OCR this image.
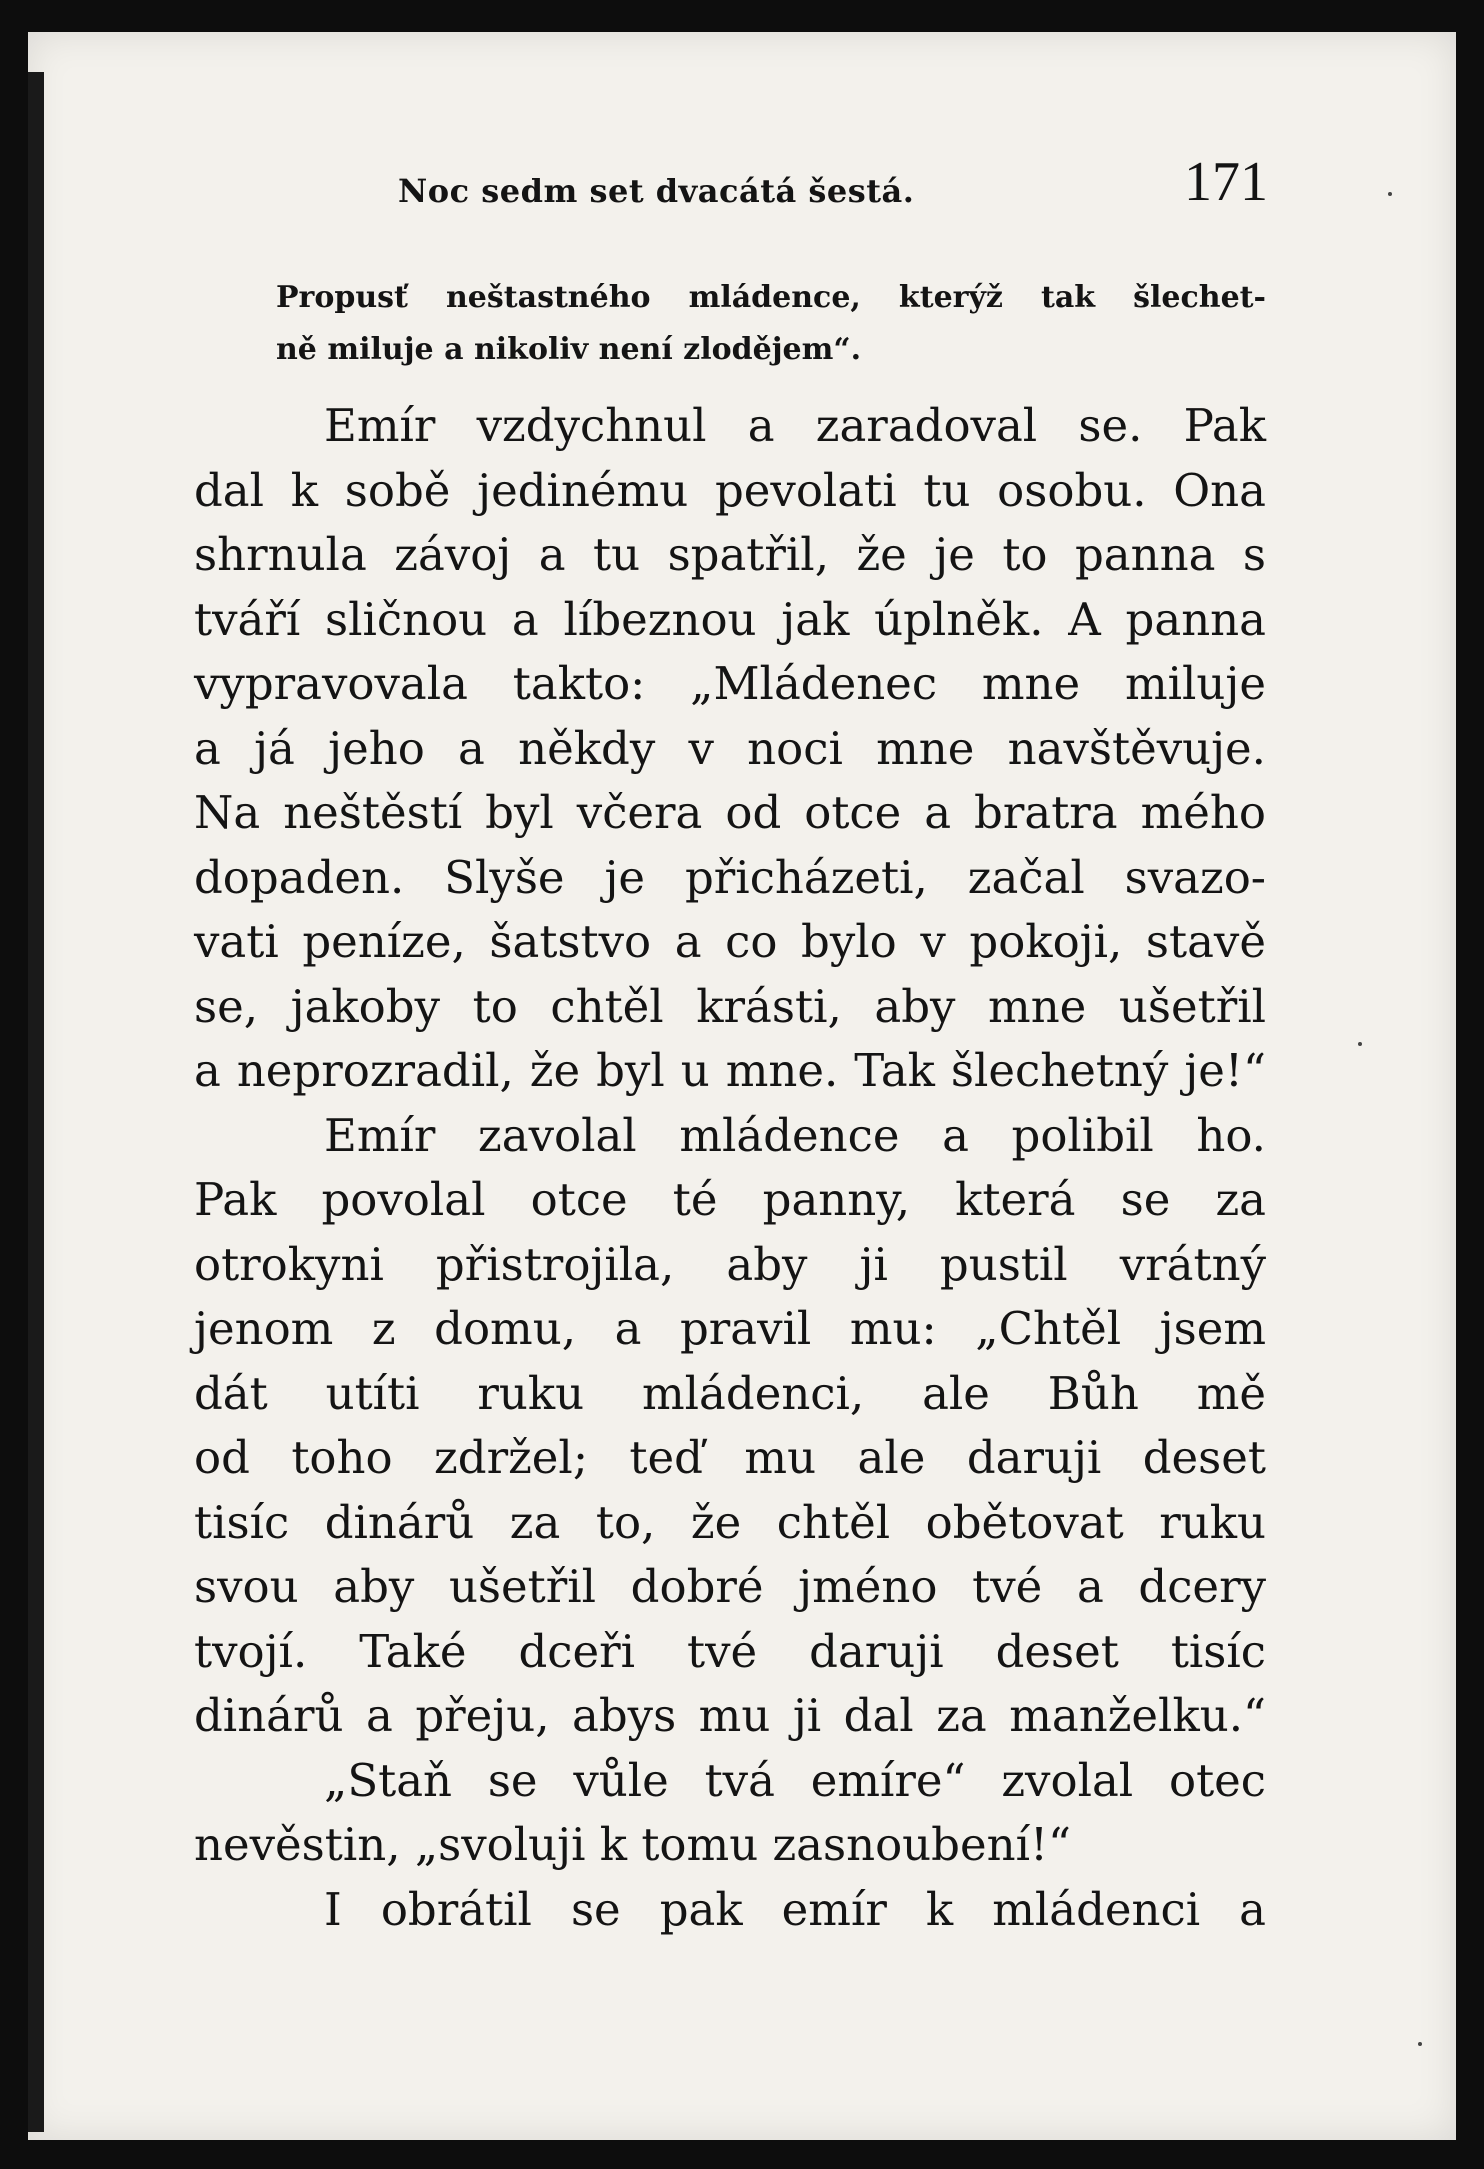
Noc sedm set dvacátá šestá.	171
Propusť neštastného mládence, kterýž tak šlechet-
ně miluje a nikoliv není zlodějem“.
Emír vzdychnul a zaradoval se. Pak
dal k sobě jedinému pevolati tu osobu. Ona
shrnula závoj a tu spatřil, že je to panna s
tváří sličnou a líbeznou jak úplněk. A panna
vypravovala takto: „Mládenec mne miluje
a já jeho a někdy v noci mne navštěvuje.
Na neštěstí byl včera od otce a bratra mého
dopaden. Slyše je přicházeti, začal svazo-
vati peníze, šatstvo a co bylo v pokoji, stavě
se, jakoby to chtěl krásti, aby mne ušetřil
a neprozradil, že byl u mne. Tak šlechetný je!“
Emír zavolal mládence a polibil ho.
Pak povolal otce té panny, která se za
otrokyni přistrojila, aby ji pustil vrátný
jenom z domu, a pravil mu: „Chtěl jsem
dát utíti ruku mládenci, ale Bůh mě
od toho zdržel; teď mu ale daruji deset
tisíc dinárů za to, že chtěl obětovat ruku
svou aby ušetřil dobré jméno tvé a dcery
tvojí. Také dceři tvé daruji deset tisíc
dinárů a přeju, abys mu ji dal za manželku.“
„Staň se vůle tvá emíre“ zvolal otec
nevěstin, „svoluji k tomu zasnoubení!“
I obrátil se pak emír k mládenci a
